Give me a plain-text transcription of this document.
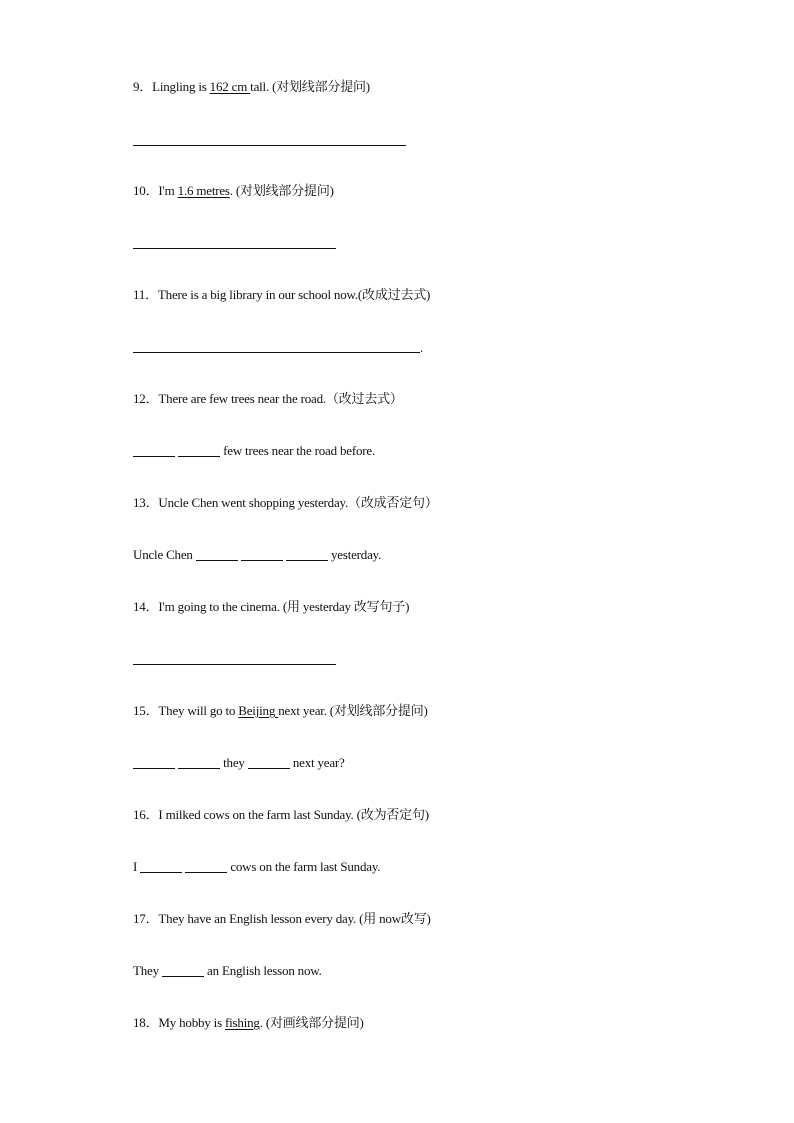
9．Lingling is 162 cm tall. (对划线部分提问)
10．I'm 1.6 metres. (对划线部分提问)
11．There is a big library in our school now.(改成过去式)
.
12．There are few trees near the road.（改过去式）
few trees near the road before.
13．Uncle Chen went shopping yesterday.（改成否定句）
Uncle Chen	yesterday.
14．I'm going to the cinema. (用 yesterday 改写句子)
15．They will go to Beijing next year. (对划线部分提问)
they	next year?
16．I milked cows on the farm last Sunday. (改为否定句)
I	cows on the farm last Sunday.
17．They have an English lesson every day. (用 now改写)
They	an English lesson now.
18．My hobby is fishing. (对画线部分提问)
